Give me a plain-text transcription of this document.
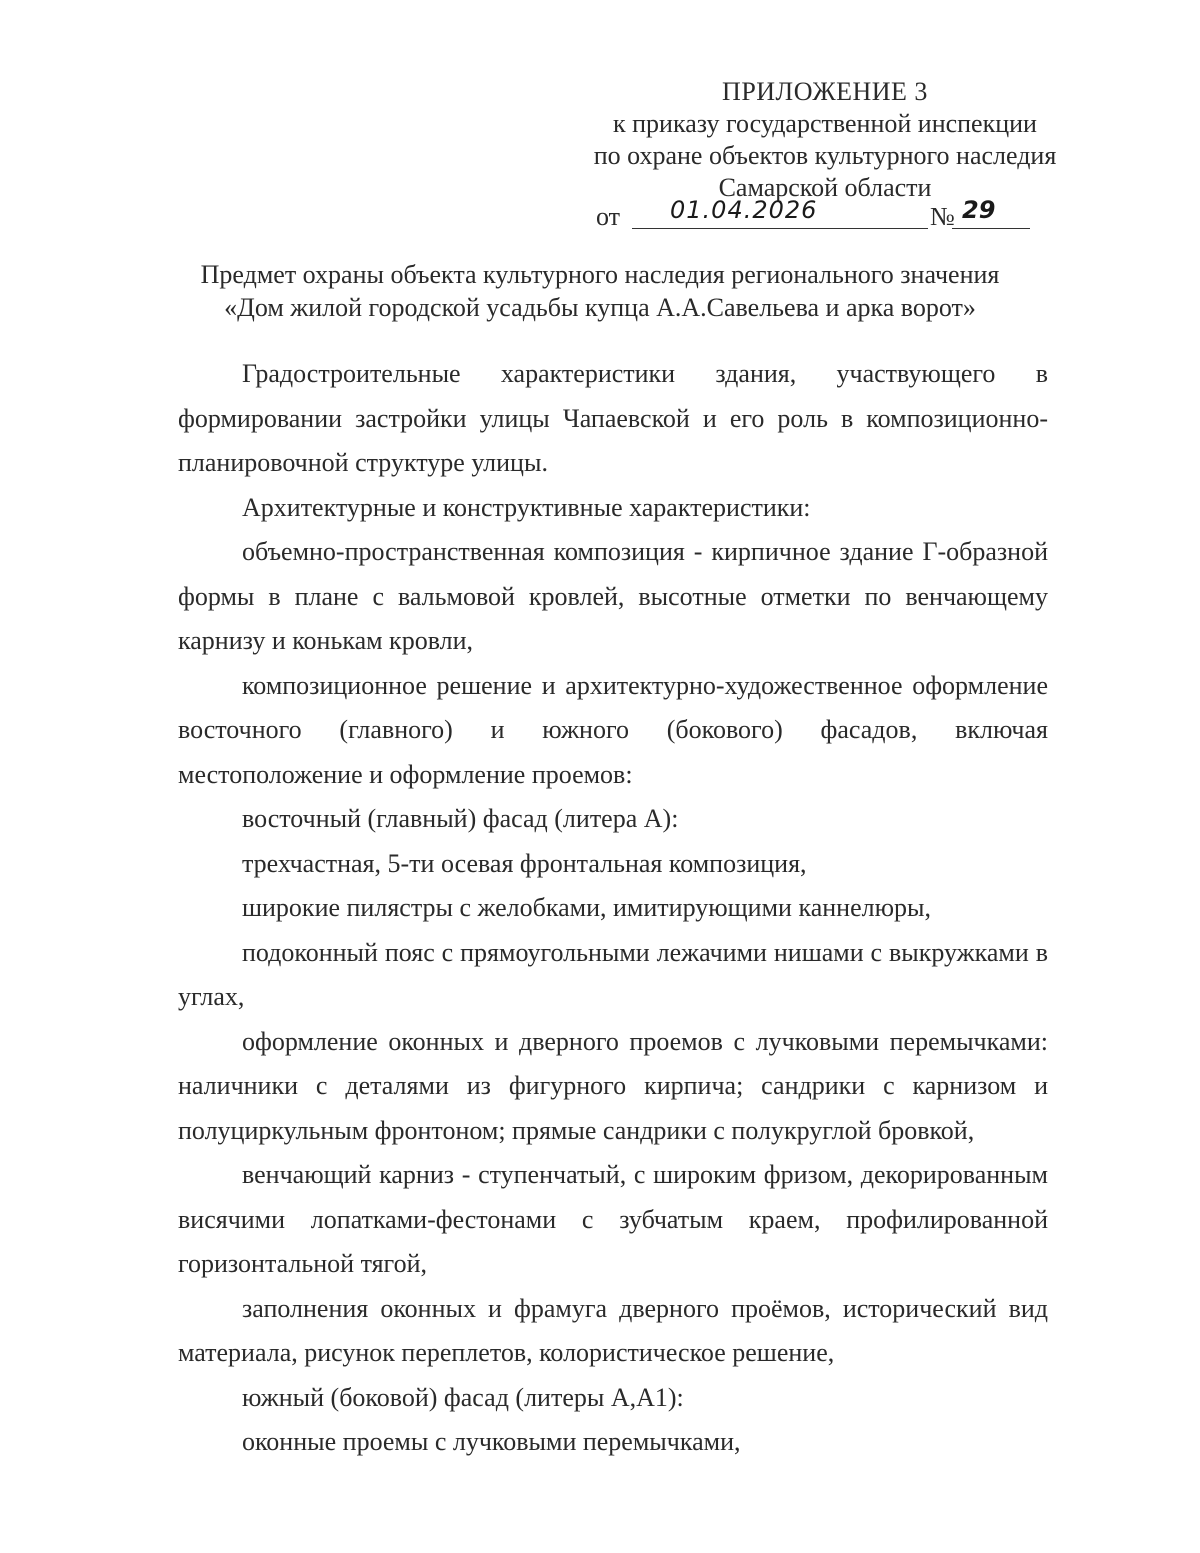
ПРИЛОЖЕНИЕ 3
к приказу государственной инспекции
по охране объектов культурного наследия
Самарской области
от 01.04.2026	№ 29
Предмет охраны объекта культурного наследия регионального значения
«Дом жилой городской усадьбы купца А.А.Савельева и арка ворот»

Градостроительные характеристики здания, участвующего в формировании застройки улицы Чапаевской и его роль в композиционно-планировочной структуре улицы.

Архитектурные и конструктивные характеристики:

объемно-пространственная композиция - кирпичное здание Г-образной формы в плане с вальмовой кровлей, высотные отметки по венчающему карнизу и конькам кровли,

композиционное решение и архитектурно-художественное оформление восточного (главного) и южного (бокового) фасадов, включая местоположение и оформление проемов:

восточный (главный) фасад (литера А):

трехчастная, 5-ти осевая фронтальная композиция,

широкие пилястры с желобками, имитирующими каннелюры,

подоконный пояс с прямоугольными лежачими нишами с выкружками в углах,

оформление оконных и дверного проемов с лучковыми перемычками: наличники с деталями из фигурного кирпича; сандрики с карнизом и полуциркульным фронтоном; прямые сандрики с полукруглой бровкой,

венчающий карниз - ступенчатый, с широким фризом, декорированным висячими лопатками-фестонами с зубчатым краем, профилированной горизонтальной тягой,

заполнения оконных и фрамуга дверного проёмов, исторический вид материала, рисунок переплетов, колористическое решение,

южный (боковой) фасад (литеры А,А1):

оконные проемы с лучковыми перемычками,
